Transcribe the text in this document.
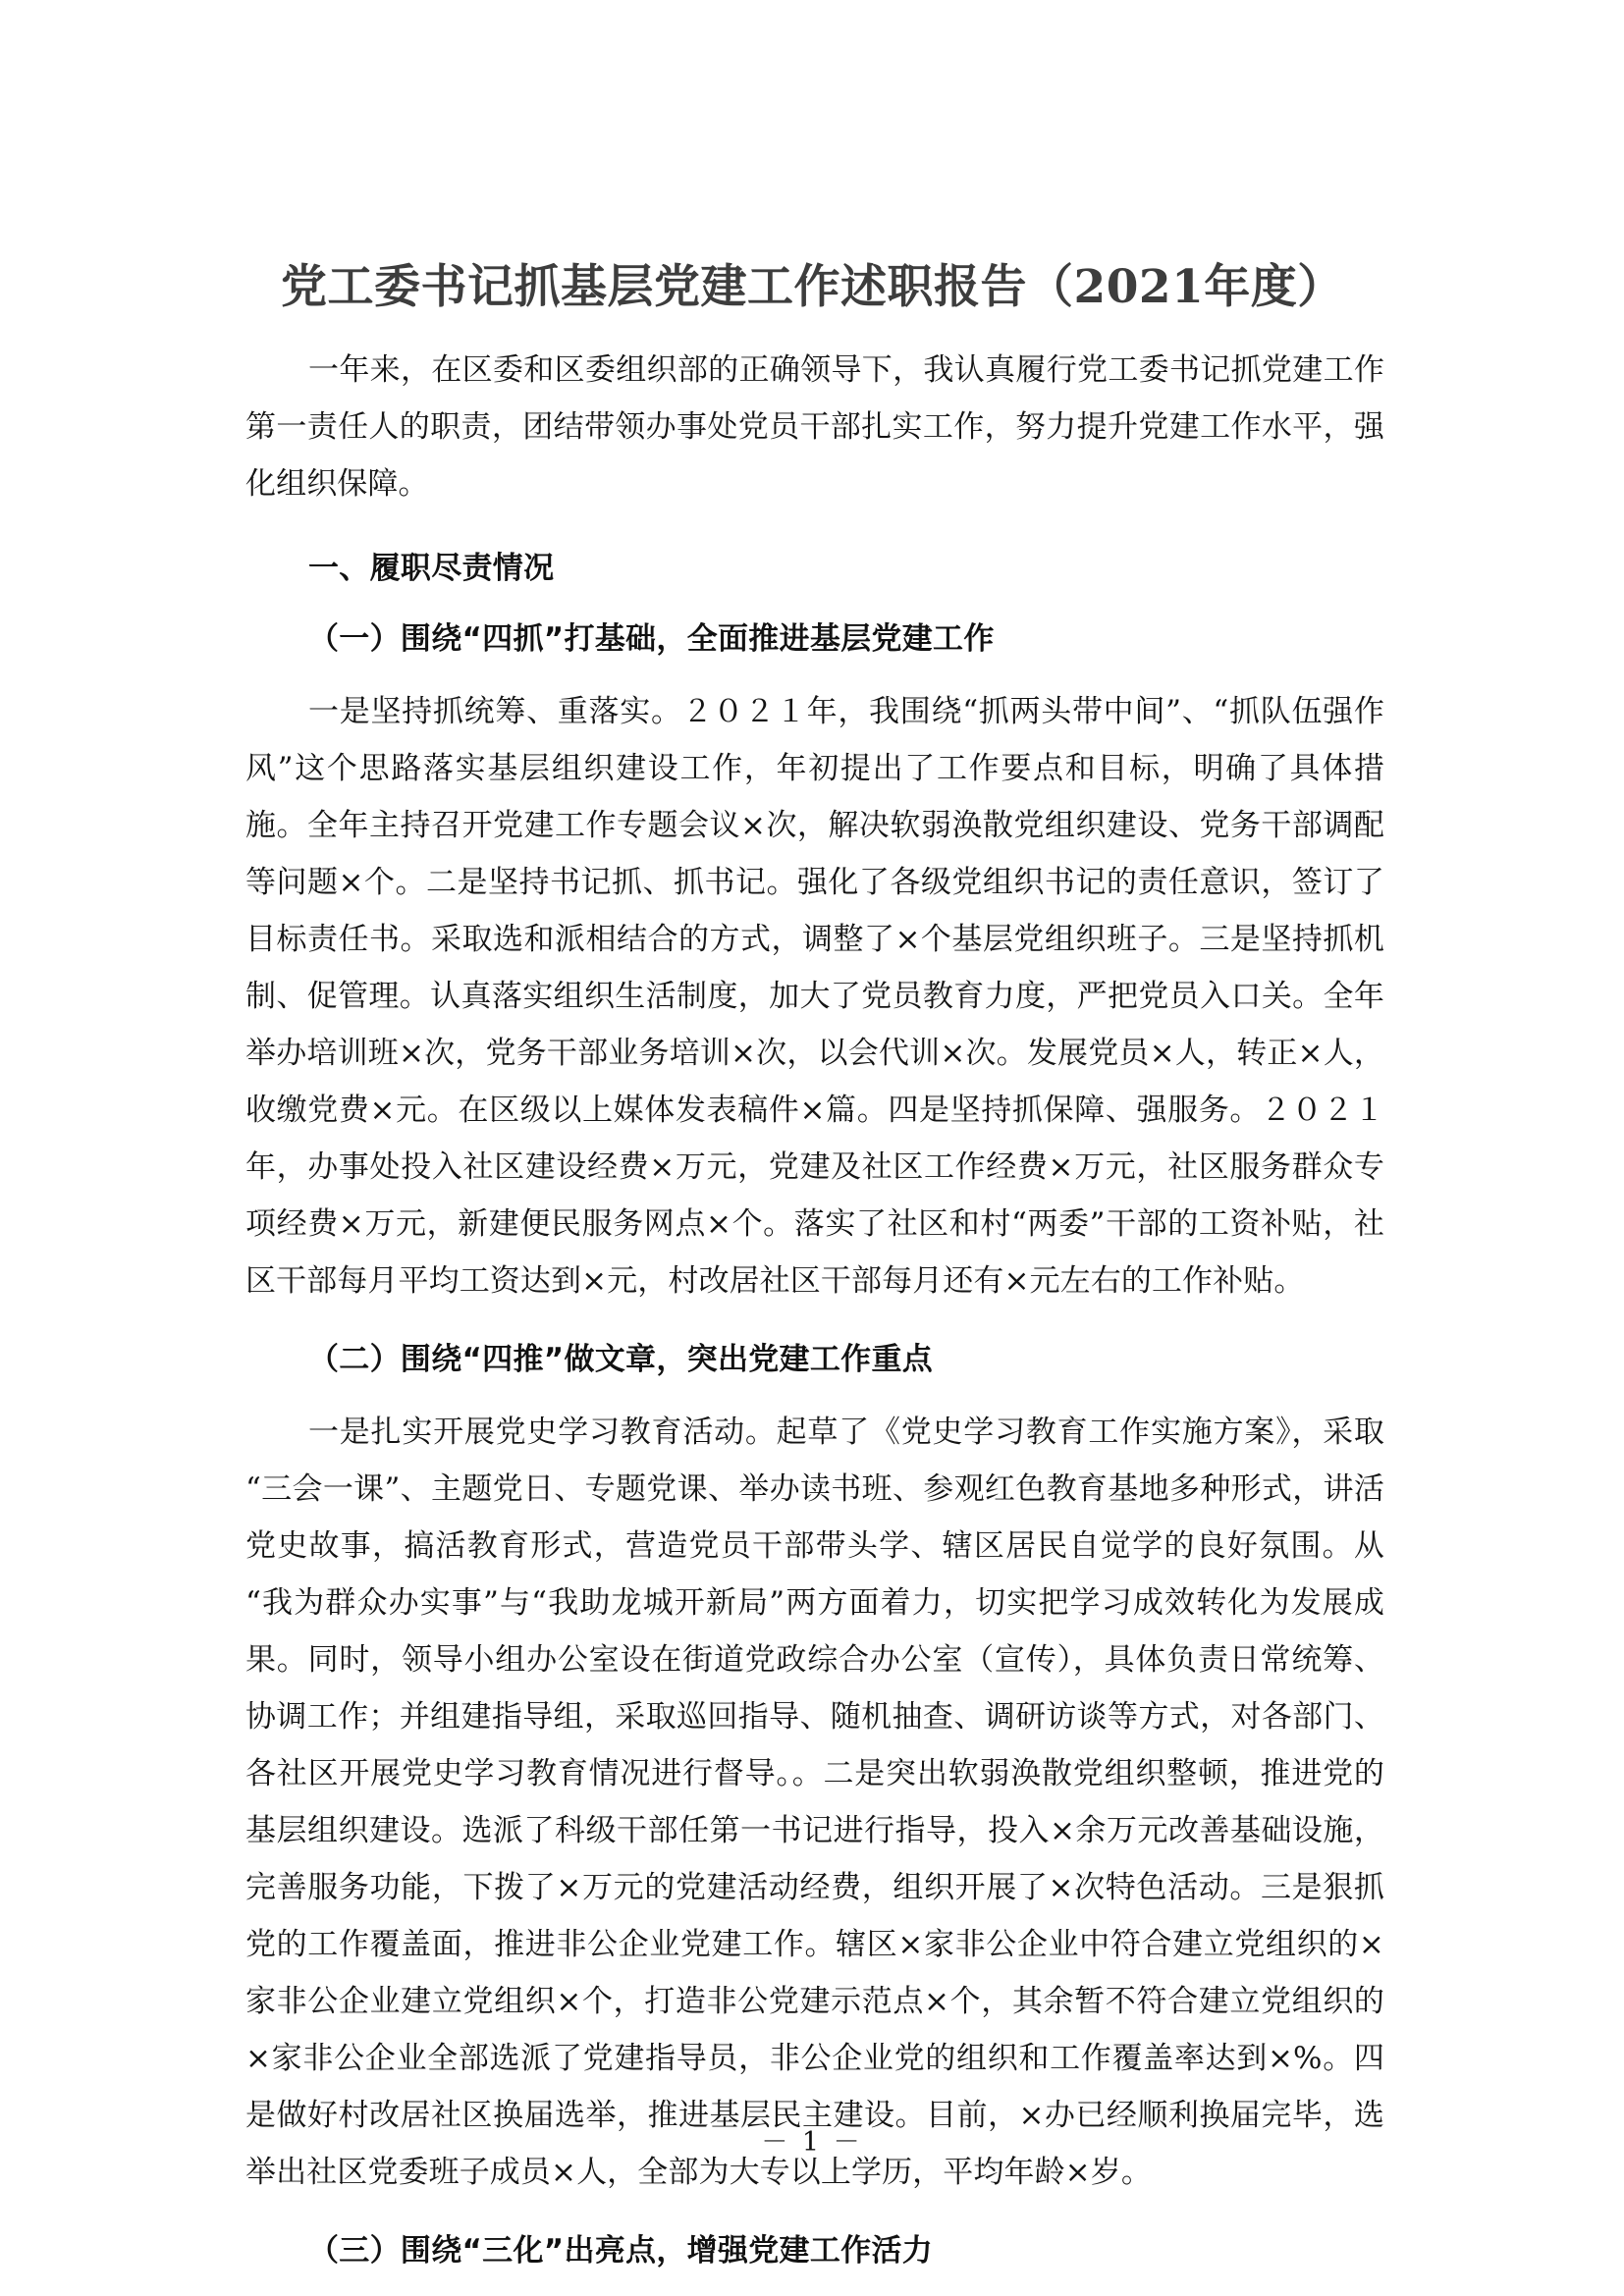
党工委书记抓基层党建工作述职报告（2021年度）

一年来，在区委和区委组织部的正确领导下，我认真履行党工委书记抓党建工作第一责任人的职责，团结带领办事处党员干部扎实工作，努力提升党建工作水平，强化组织保障。

一、履职尽责情况
（一）围绕“四抓”打基础，全面推进基层党建工作

一是坚持抓统筹、重落实。２０２１年，我围绕“抓两头带中间”、“抓队伍强作风”这个思路落实基层组织建设工作，年初提出了工作要点和目标，明确了具体措施。全年主持召开党建工作专题会议×次，解决软弱涣散党组织建设、党务干部调配等问题×个。二是坚持书记抓、抓书记。强化了各级党组织书记的责任意识，签订了目标责任书。采取选和派相结合的方式，调整了×个基层党组织班子。三是坚持抓机制、促管理。认真落实组织生活制度，加大了党员教育力度，严把党员入口关。全年举办培训班×次，党务干部业务培训×次，以会代训×次。发展党员×人，转正×人，收缴党费×元。在区级以上媒体发表稿件×篇。四是坚持抓保障、强服务。２０２１年，办事处投入社区建设经费×万元，党建及社区工作经费×万元，社区服务群众专项经费×万元，新建便民服务网点×个。落实了社区和村“两委”干部的工资补贴，社区干部每月平均工资达到×元，村改居社区干部每月还有×元左右的工作补贴。

（二）围绕“四推”做文章，突出党建工作重点

一是扎实开展党史学习教育活动。起草了《党史学习教育工作实施方案》，采取“三会一课”、主题党日、专题党课、举办读书班、参观红色教育基地多种形式，讲活党史故事，搞活教育形式，营造党员干部带头学、辖区居民自觉学的良好氛围。从“我为群众办实事”与“我助龙城开新局”两方面着力，切实把学习成效转化为发展成果。同时，领导小组办公室设在街道党政综合办公室（宣传），具体负责日常统筹、协调工作；并组建指导组，采取巡回指导、随机抽查、调研访谈等方式，对各部门、各社区开展党史学习教育情况进行督导。。二是突出软弱涣散党组织整顿，推进党的基层组织建设。选派了科级干部任第一书记进行指导，投入×余万元改善基础设施，完善服务功能，下拨了×万元的党建活动经费，组织开展了×次特色活动。三是狠抓党的工作覆盖面，推进非公企业党建工作。辖区×家非公企业中符合建立党组织的×家非公企业建立党组织×个，打造非公党建示范点×个，其余暂不符合建立党组织的×家非公企业全部选派了党建指导员，非公企业党的组织和工作覆盖率达到×%。四是做好村改居社区换届选举，推进基层民主建设。目前，×办已经顺利换届完毕，选举出社区党委班子成员×人，全部为大专以上学历，平均年龄×岁。

（三）围绕“三化”出亮点，增强党建工作活力
－ 1 －
